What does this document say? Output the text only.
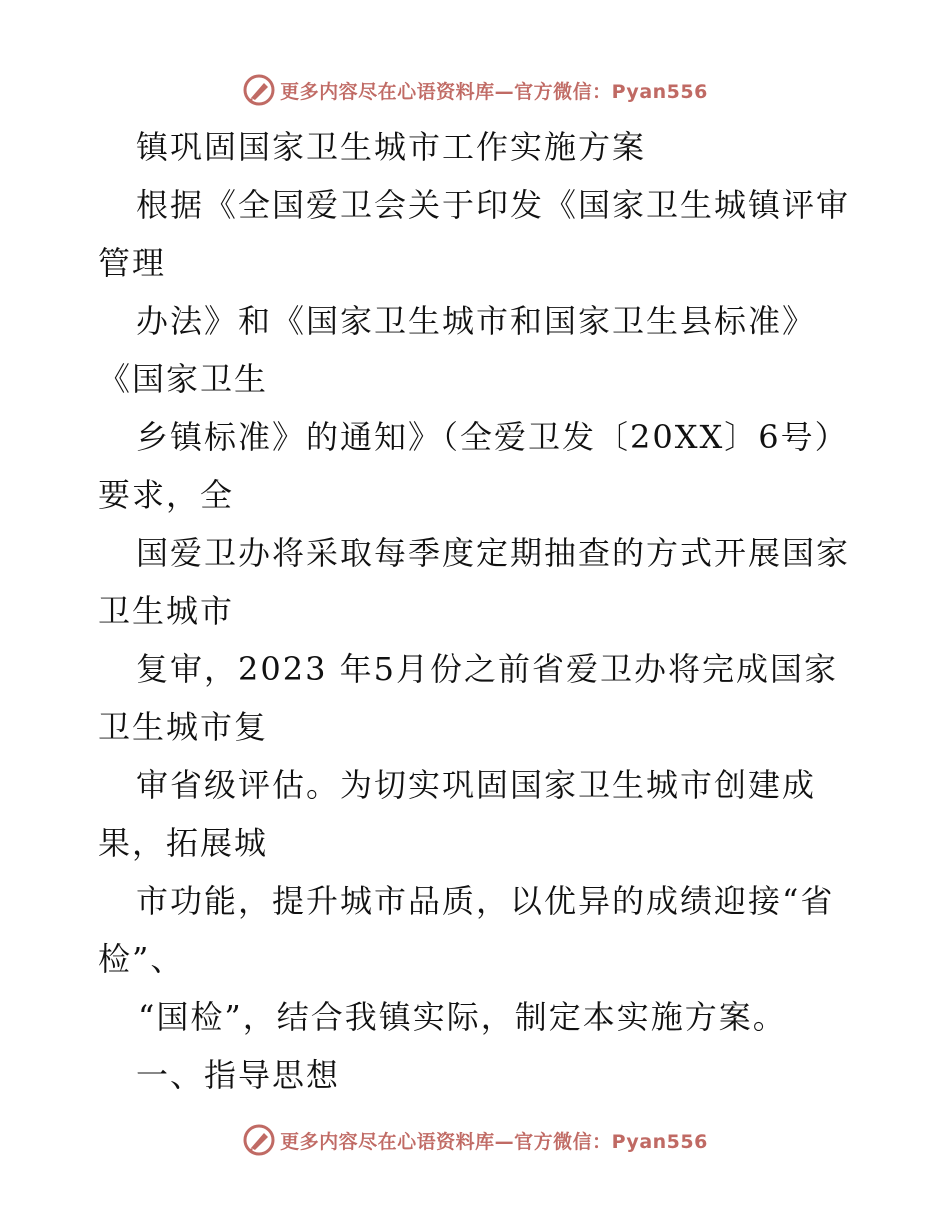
更多内容尽在心语资料库—官方微信：Pyan556
镇巩固国家卫生城市工作实施方案
根据《全国爱卫会关于印发《国家卫生城镇评审
管理
办法》和《国家卫生城市和国家卫生县标准》
《国家卫生
乡镇标准》的通知》（全爱卫发〔20XX〕6号）
要求，全
国爱卫办将采取每季度定期抽查的方式开展国家
卫生城市
复审，2023 年5月份之前省爱卫办将完成国家
卫生城市复
审省级评估。为切实巩固国家卫生城市创建成
果，拓展城
市功能，提升城市品质，以优异的成绩迎接“省
检”、
“国检”，结合我镇实际，制定本实施方案。
一、指导思想
更多内容尽在心语资料库—官方微信：Pyan556
